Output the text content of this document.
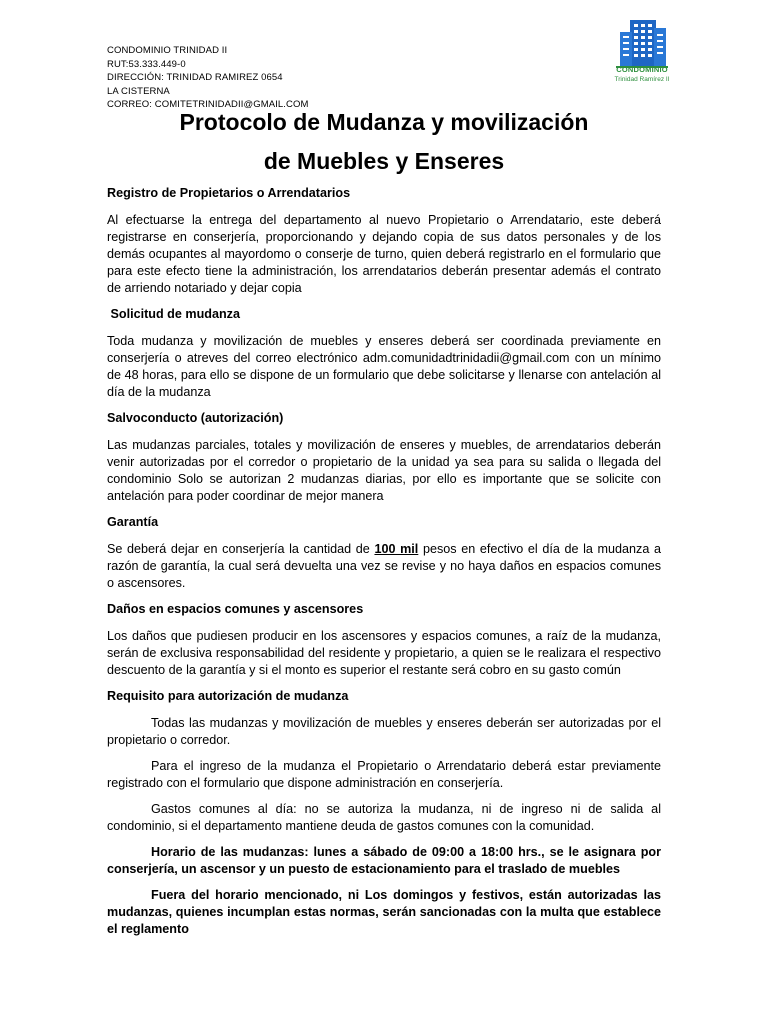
CONDOMINIO TRINIDAD II
RUT:53.333.449-0
DIRECCIÓN: TRINIDAD RAMIREZ 0654
LA CISTERNA
CORREO: COMITETRINIDADII@GMAIL.COM
CONDOMINIO
Trinidad Ramírez II
Protocolo de Mudanza y movilización
de Muebles y Enseres
Registro de Propietarios o Arrendatarios

Al efectuarse la entrega del departamento al nuevo Propietario o Arrendatario, este deberá registrarse en conserjería, proporcionando y dejando copia de sus datos personales y de los demás ocupantes al mayordomo o conserje de turno, quien deberá registrarlo en el formulario que para este efecto tiene la administración, los arrendatarios deberán presentar además el contrato de arriendo notariado y dejar copia

Solicitud de mudanza

Toda mudanza y movilización de muebles y enseres deberá ser coordinada previamente en conserjería o atreves del correo electrónico adm.comunidadtrinidadii@gmail.com con un mínimo de 48 horas, para ello se dispone de un formulario que debe solicitarse y llenarse con antelación al día de la mudanza

Salvoconducto (autorización)

Las mudanzas parciales, totales y movilización de enseres y muebles, de arrendatarios deberán venir autorizadas por el corredor o propietario de la unidad ya sea para su salida o llegada del condominio Solo se autorizan 2 mudanzas diarias, por ello es importante que se solicite con antelación para poder coordinar de mejor manera

Garantía

Se deberá dejar en conserjería la cantidad de 100 mil pesos en efectivo el día de la mudanza a razón de garantía, la cual será devuelta una vez se revise y no haya daños en espacios comunes o ascensores.

Daños en espacios comunes y ascensores

Los daños que pudiesen producir en los ascensores y espacios comunes, a raíz de la mudanza, serán de exclusiva responsabilidad del residente y propietario, a quien se le realizara el respectivo descuento de la garantía y si el monto es superior el restante será cobro en su gasto común

Requisito para autorización de mudanza

Todas las mudanzas y movilización de muebles y enseres deberán ser autorizadas por el propietario o corredor.

Para el ingreso de la mudanza el Propietario o Arrendatario deberá estar previamente registrado con el formulario que dispone administración en conserjería.

Gastos comunes al día: no se autoriza la mudanza, ni de ingreso ni de salida al condominio, si el departamento mantiene deuda de gastos comunes con la comunidad.

Horario de las mudanzas: lunes a sábado de 09:00 a 18:00 hrs., se le asignara por conserjería, un ascensor y un puesto de estacionamiento para el traslado de muebles

Fuera del horario mencionado, ni Los domingos y festivos, están autorizadas las mudanzas, quienes incumplan estas normas, serán sancionadas con la multa que establece el reglamento
